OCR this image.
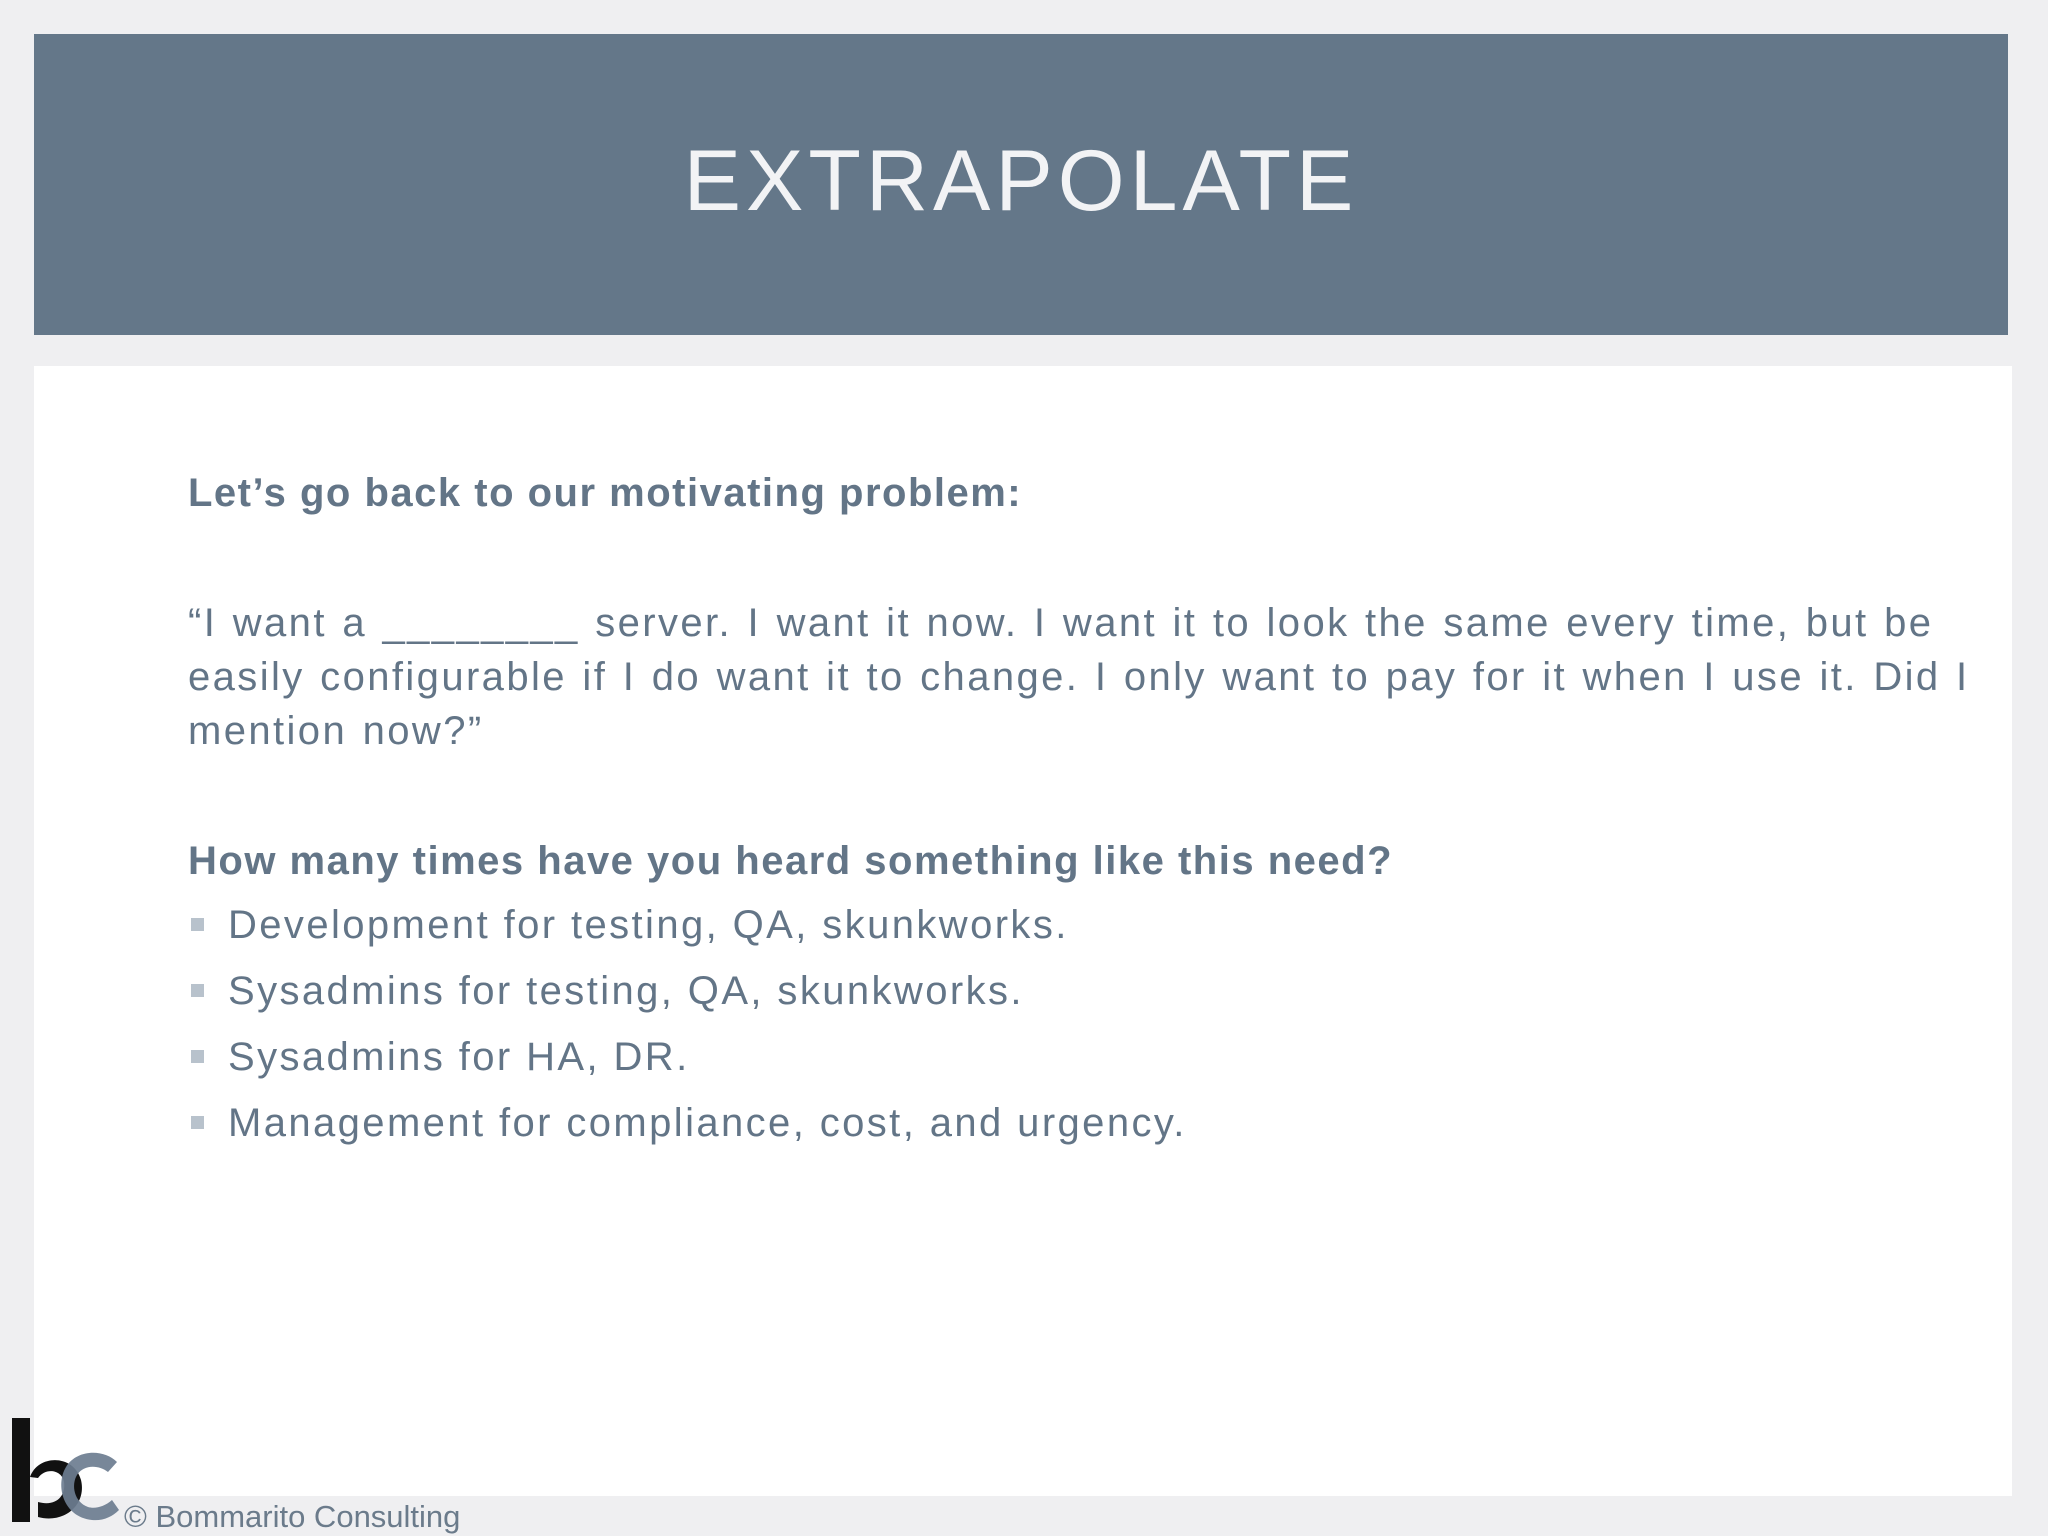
EXTRAPOLATE

Let’s go back to our motivating problem:

“I want a ________ server. I want it now. I want it to look the same every time, but be easily configurable if I do want it to change. I only want to pay for it when I use it. Did I mention now?”

How many times have you heard something like this need?

Development for testing, QA, skunkworks.
Sysadmins for testing, QA, skunkworks.
Sysadmins for HA, DR.
Management for compliance, cost, and urgency.
© Bommarito Consulting
